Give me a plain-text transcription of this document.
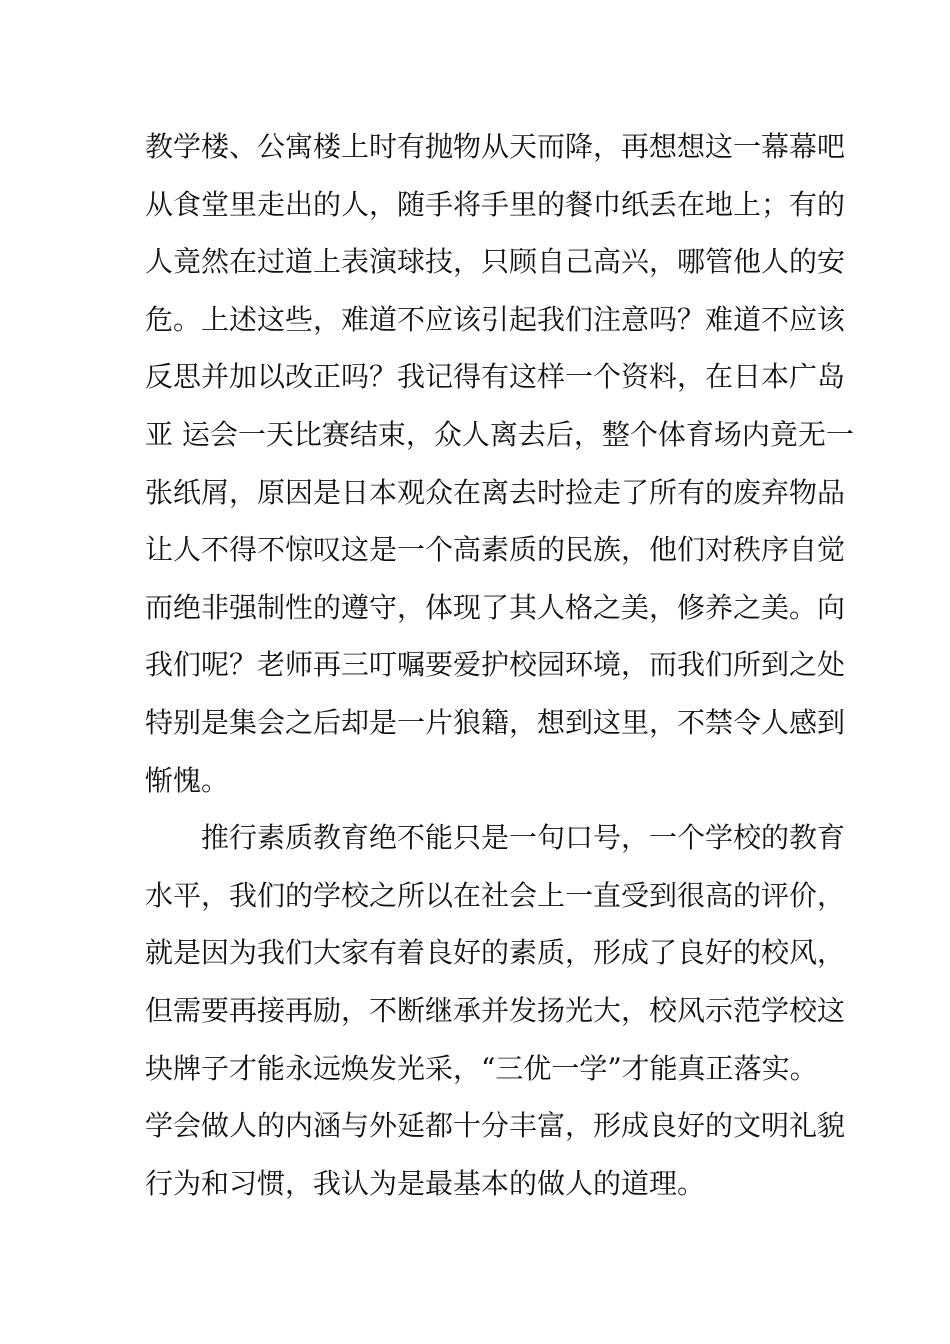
教学楼、公寓楼上时有抛物从天而降，再想想这一幕幕吧
从食堂里走出的人，随手将手里的餐巾纸丢在地上；有的
人竟然在过道上表演球技，只顾自己高兴，哪管他人的安
危。上述这些，难道不应该引起我们注意吗？难道不应该
反思并加以改正吗？我记得有这样一个资料，在日本广岛
亚 运会一天比赛结束，众人离去后，整个体育场内竟无一
张纸屑，原因是日本观众在离去时捡走了所有的废弃物品
让人不得不惊叹这是一个高素质的民族，他们对秩序自觉
而绝非强制性的遵守，体现了其人格之美，修养之美。向
我们呢？老师再三叮嘱要爱护校园环境，而我们所到之处
特别是集会之后却是一片狼籍，想到这里，不禁令人感到
惭愧。
推行素质教育绝不能只是一句口号，一个学校的教育
水平，我们的学校之所以在社会上一直受到很高的评价，
就是因为我们大家有着良好的素质，形成了良好的校风，
但需要再接再励，不断继承并发扬光大，校风示范学校这
块牌子才能永远焕发光采，“三优一学”才能真正落实。
学会做人的内涵与外延都十分丰富，形成良好的文明礼貌
行为和习惯，我认为是最基本的做人的道理。
